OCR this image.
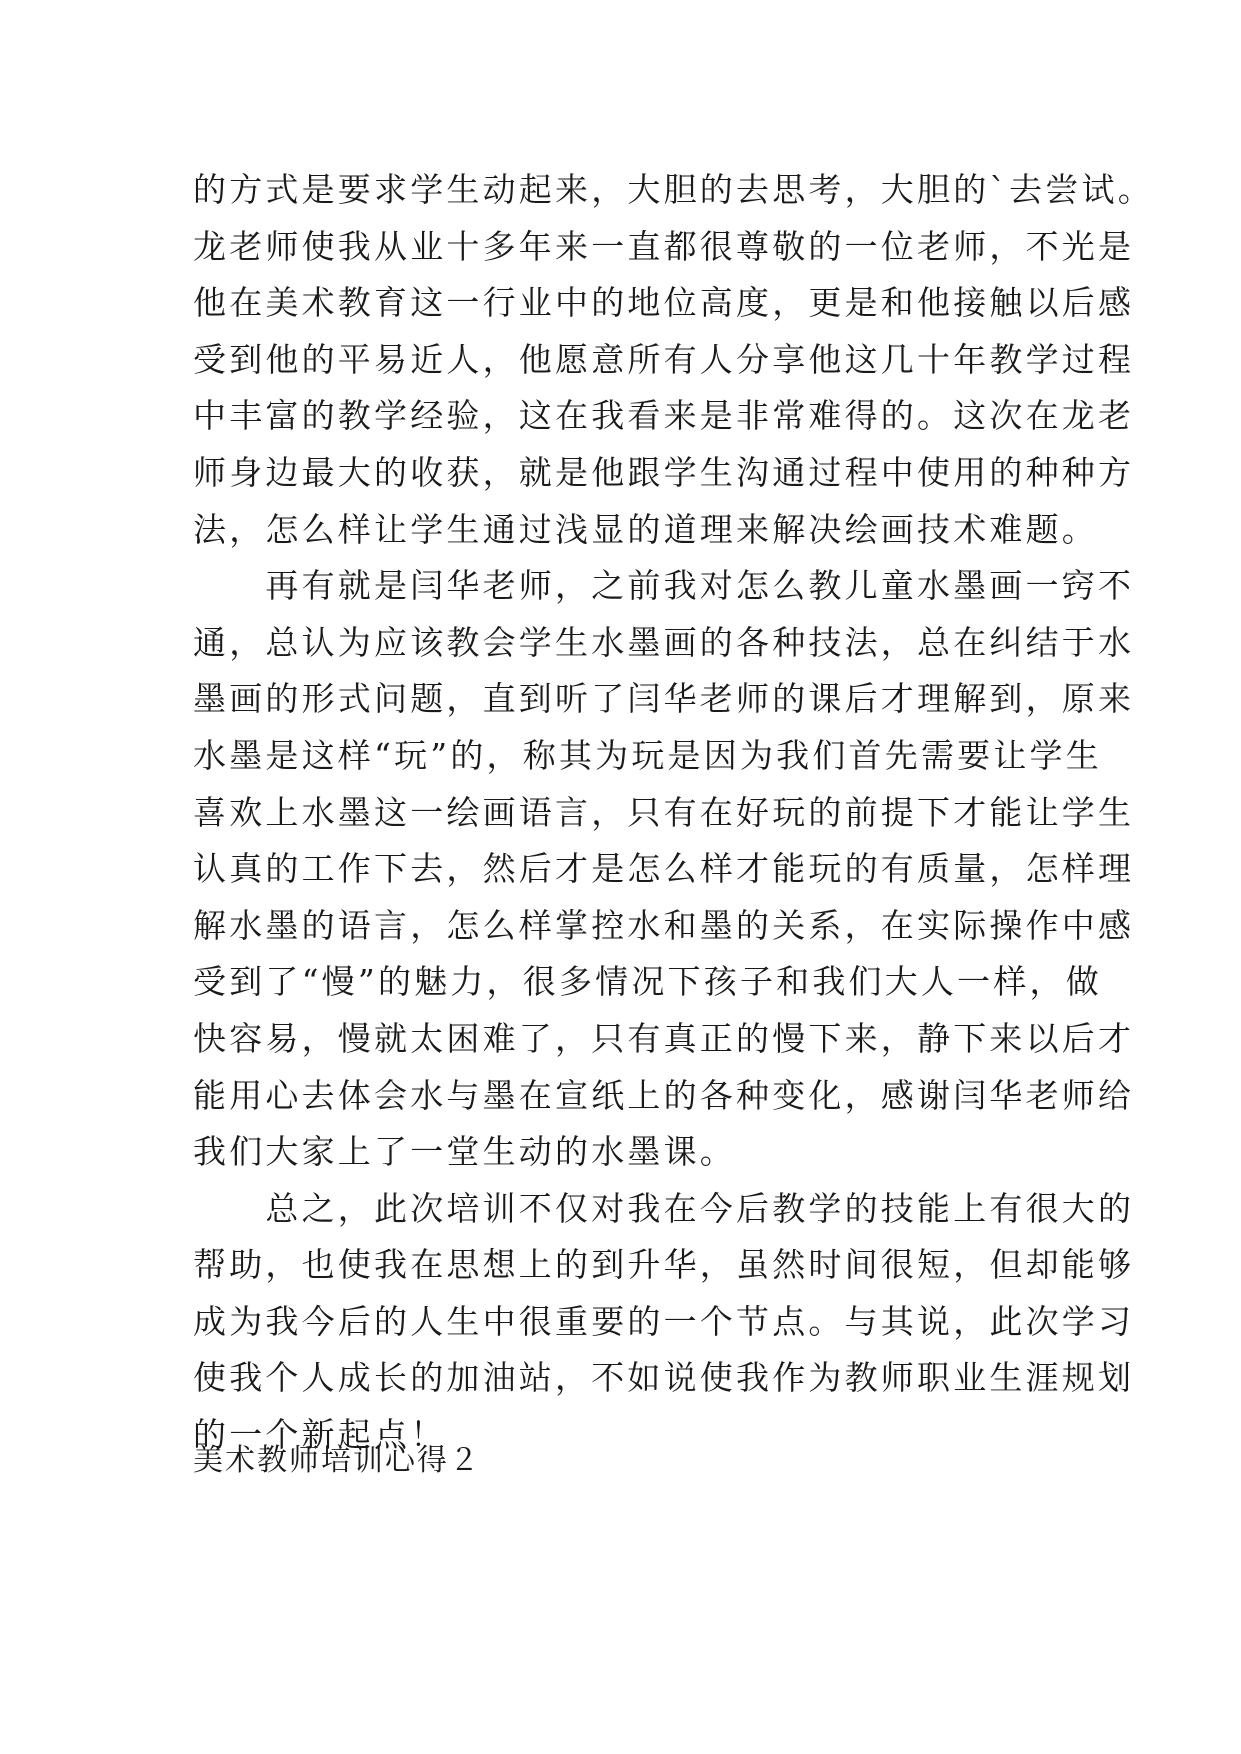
的方式是要求学生动起来，大胆的去思考，大胆的`去尝试。
龙老师使我从业十多年来一直都很尊敬的一位老师，不光是
他在美术教育这一行业中的地位高度，更是和他接触以后感
受到他的平易近人，他愿意所有人分享他这几十年教学过程
中丰富的教学经验，这在我看来是非常难得的。这次在龙老
师身边最大的收获，就是他跟学生沟通过程中使用的种种方
法，怎么样让学生通过浅显的道理来解决绘画技术难题。
　　再有就是闫华老师，之前我对怎么教儿童水墨画一窍不
通，总认为应该教会学生水墨画的各种技法，总在纠结于水
墨画的形式问题，直到听了闫华老师的课后才理解到，原来
水墨是这样“玩”的，称其为玩是因为我们首先需要让学生
喜欢上水墨这一绘画语言，只有在好玩的前提下才能让学生
认真的工作下去，然后才是怎么样才能玩的有质量，怎样理
解水墨的语言，怎么样掌控水和墨的关系，在实际操作中感
受到了“慢”的魅力，很多情况下孩子和我们大人一样，做
快容易，慢就太困难了，只有真正的慢下来，静下来以后才
能用心去体会水与墨在宣纸上的各种变化，感谢闫华老师给
我们大家上了一堂生动的水墨课。
　　总之，此次培训不仅对我在今后教学的技能上有很大的
帮助，也使我在思想上的到升华，虽然时间很短，但却能够
成为我今后的人生中很重要的一个节点。与其说，此次学习
使我个人成长的加油站，不如说使我作为教师职业生涯规划
的一个新起点！
美术教师培训心得２
